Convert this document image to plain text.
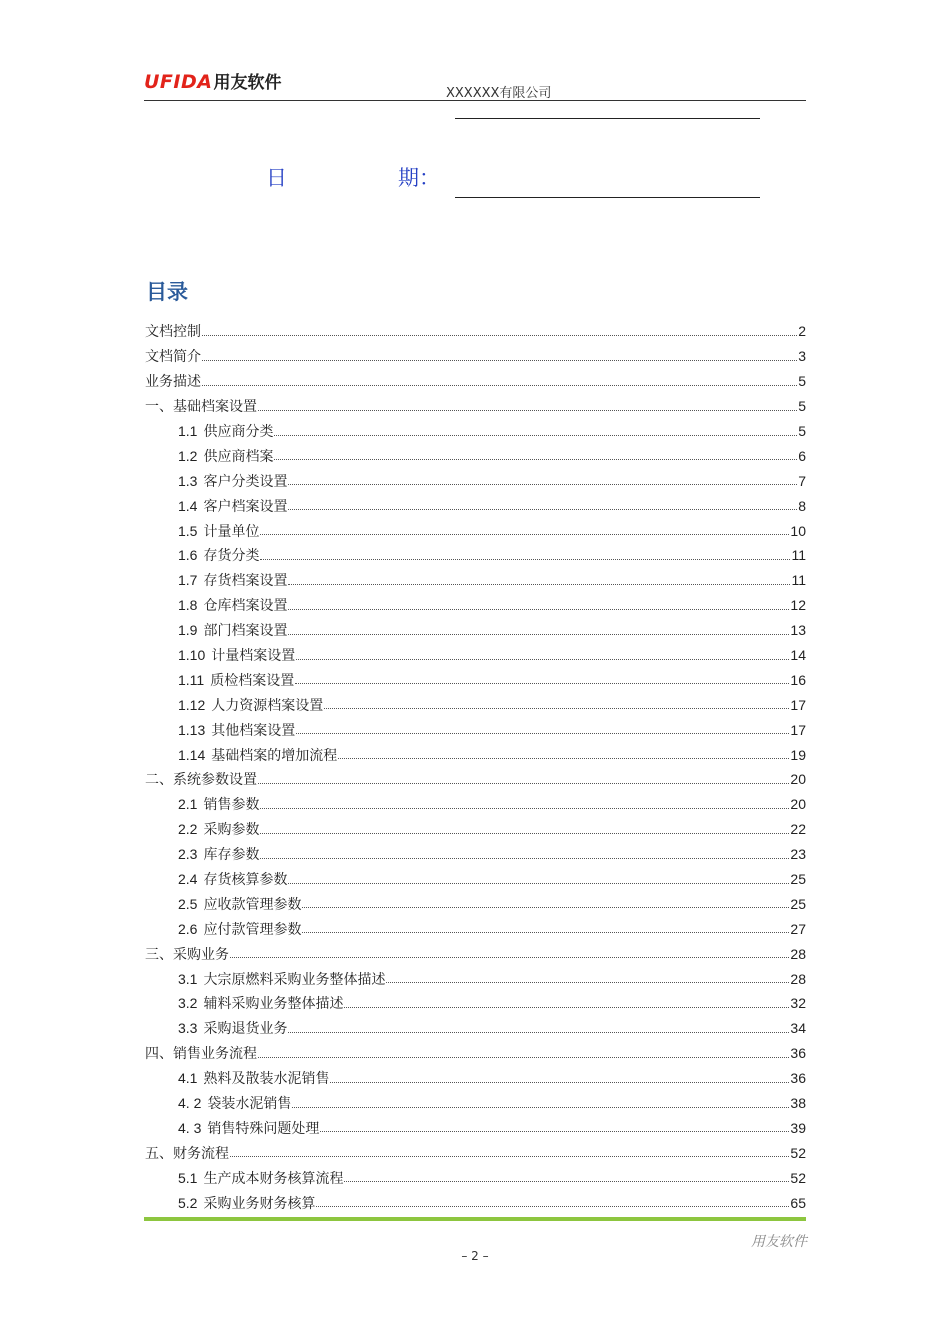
UFIDA 用友软件
XXXXXX有限公司
日	期：
目录
文档控制	2
文档简介	3
业务描述	5
一、基础档案设置	5
1.1 供应商分类	5
1.2 供应商档案	6
1.3 客户分类设置	7
1.4 客户档案设置	8
1.5 计量单位	10
1.6 存货分类	11
1.7 存货档案设置	11
1.8 仓库档案设置	12
1.9 部门档案设置	13
1.10 计量档案设置	14
1.11 质检档案设置	16
1.12 人力资源档案设置	17
1.13 其他档案设置	17
1.14 基础档案的增加流程	19
二、系统参数设置	20
2.1 销售参数	20
2.2 采购参数	22
2.3 库存参数	23
2.4 存货核算参数	25
2.5 应收款管理参数	25
2.6 应付款管理参数	27
三、采购业务	28
3.1 大宗原燃料采购业务整体描述	28
3.2 辅料采购业务整体描述	32
3.3 采购退货业务	34
四、销售业务流程	36
4.1 熟料及散装水泥销售	36
4. 2 袋装水泥销售	38
4. 3 销售特殊问题处理	39
五、财务流程	52
5.1 生产成本财务核算流程	52
5.2 采购业务财务核算	65
用友软件
– 2 –
